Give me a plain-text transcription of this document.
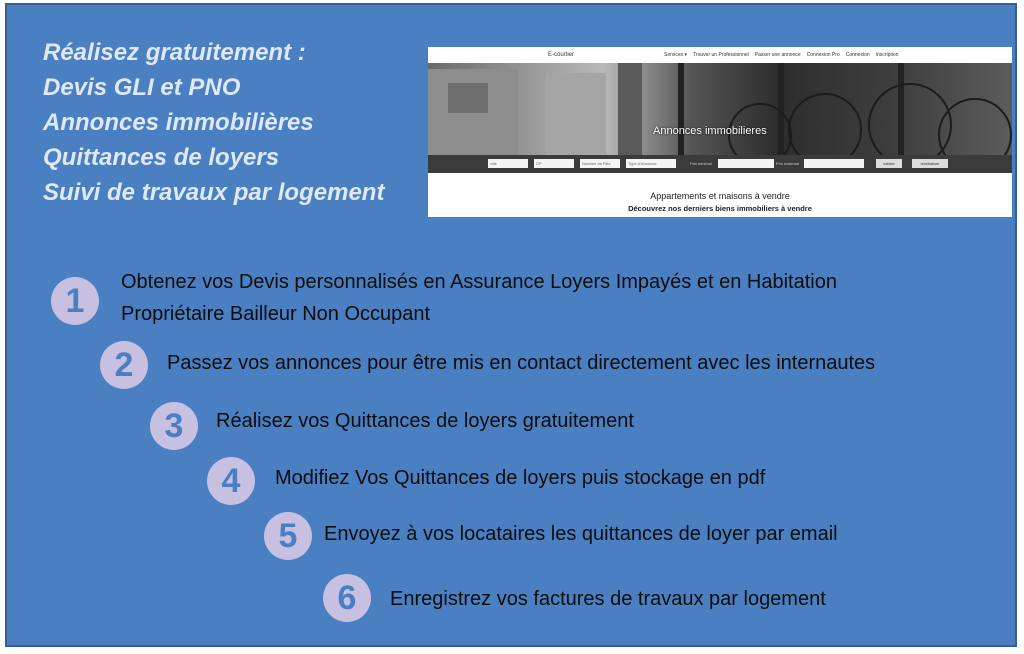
Réalisez gratuitement :
Devis GLI et PNO
Annonces immobilières
Quittances de loyers
Suivi de travaux par logement
E-courtier	Services ▾ Trouver un Professionnel Passer une annonce Connexion Pro Connexion Inscription
Annonces immobilieres
ville	CP	Nombre de Pièc	Type d'Annonce	Prix minimal	Prix maximal	valider	reinitialiser
Appartements et maisons à vendre
Découvrez nos derniers biens immobiliers à vendre
1	Obtenez vos Devis personnalisés en Assurance Loyers Impayés et en Habitation
Propriétaire Bailleur Non Occupant
2	Passez vos annonces pour être mis en contact directement avec les internautes
3	Réalisez vos Quittances de loyers gratuitement
4	Modifiez Vos Quittances de loyers puis stockage en pdf
5	Envoyez à vos locataires les quittances de loyer par email
6	Enregistrez vos factures de travaux par logement
